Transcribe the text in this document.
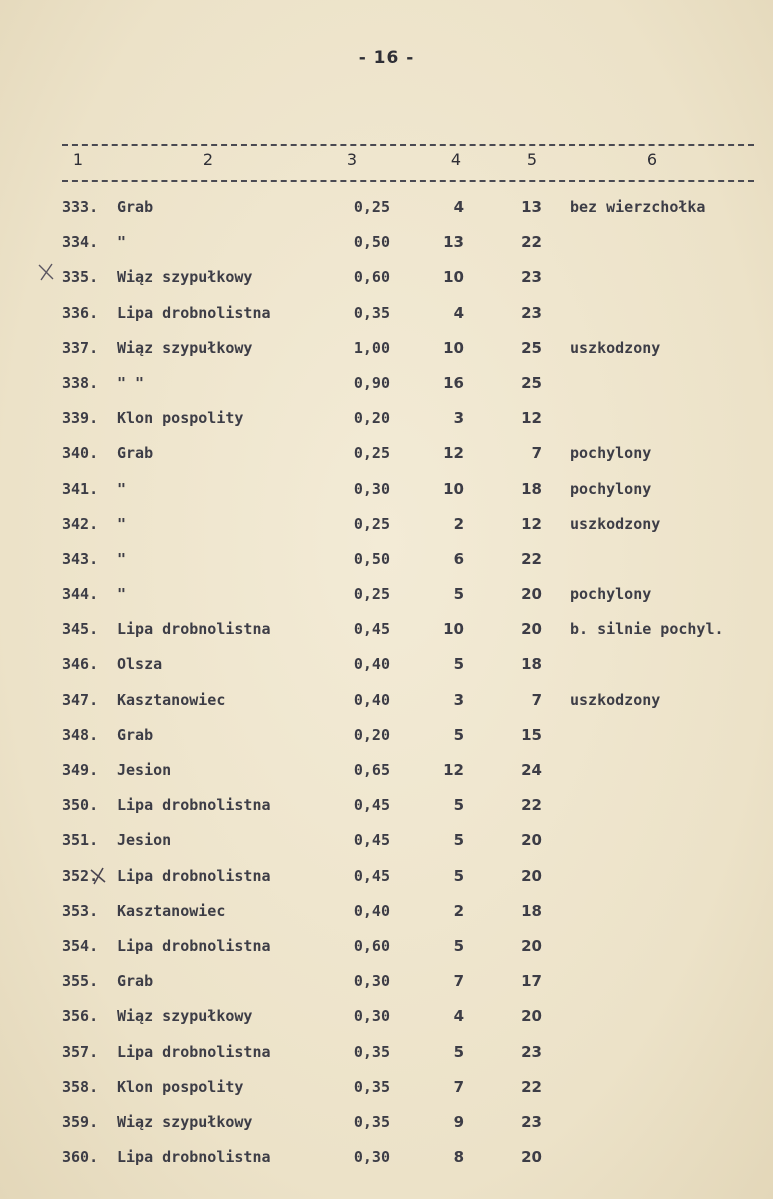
- 16 -
1	2	3	4	5	6
333. Grab	0,25	4	13 bez wierzchołka
334. "	0,50	13	22
335. Wiąz szypułkowy	0,60	10	23
336. Lipa drobnolistna	0,35	4	23
337. Wiąz szypułkowy	1,00	10	25 uszkodzony
338. " "	0,90	16	25
339. Klon pospolity	0,20	3	12
340. Grab	0,25	12	7 pochylony
341. "	0,30	10	18 pochylony
342. "	0,25	2	12 uszkodzony
343. "	0,50	6	22
344. "	0,25	5	20 pochylony
345. Lipa drobnolistna	0,45	10	20 b. silnie pochyl.
346. Olsza	0,40	5	18
347. Kasztanowiec	0,40	3	7 uszkodzony
348. Grab	0,20	5	15
349. Jesion	0,65	12	24
350. Lipa drobnolistna	0,45	5	22
351. Jesion	0,45	5	20
352. Lipa drobnolistna	0,45	5	20
353. Kasztanowiec	0,40	2	18
354. Lipa drobnolistna	0,60	5	20
355. Grab	0,30	7	17
356. Wiąz szypułkowy	0,30	4	20
357. Lipa drobnolistna	0,35	5	23
358. Klon pospolity	0,35	7	22
359. Wiąz szypułkowy	0,35	9	23
360. Lipa drobnolistna	0,30	8	20
